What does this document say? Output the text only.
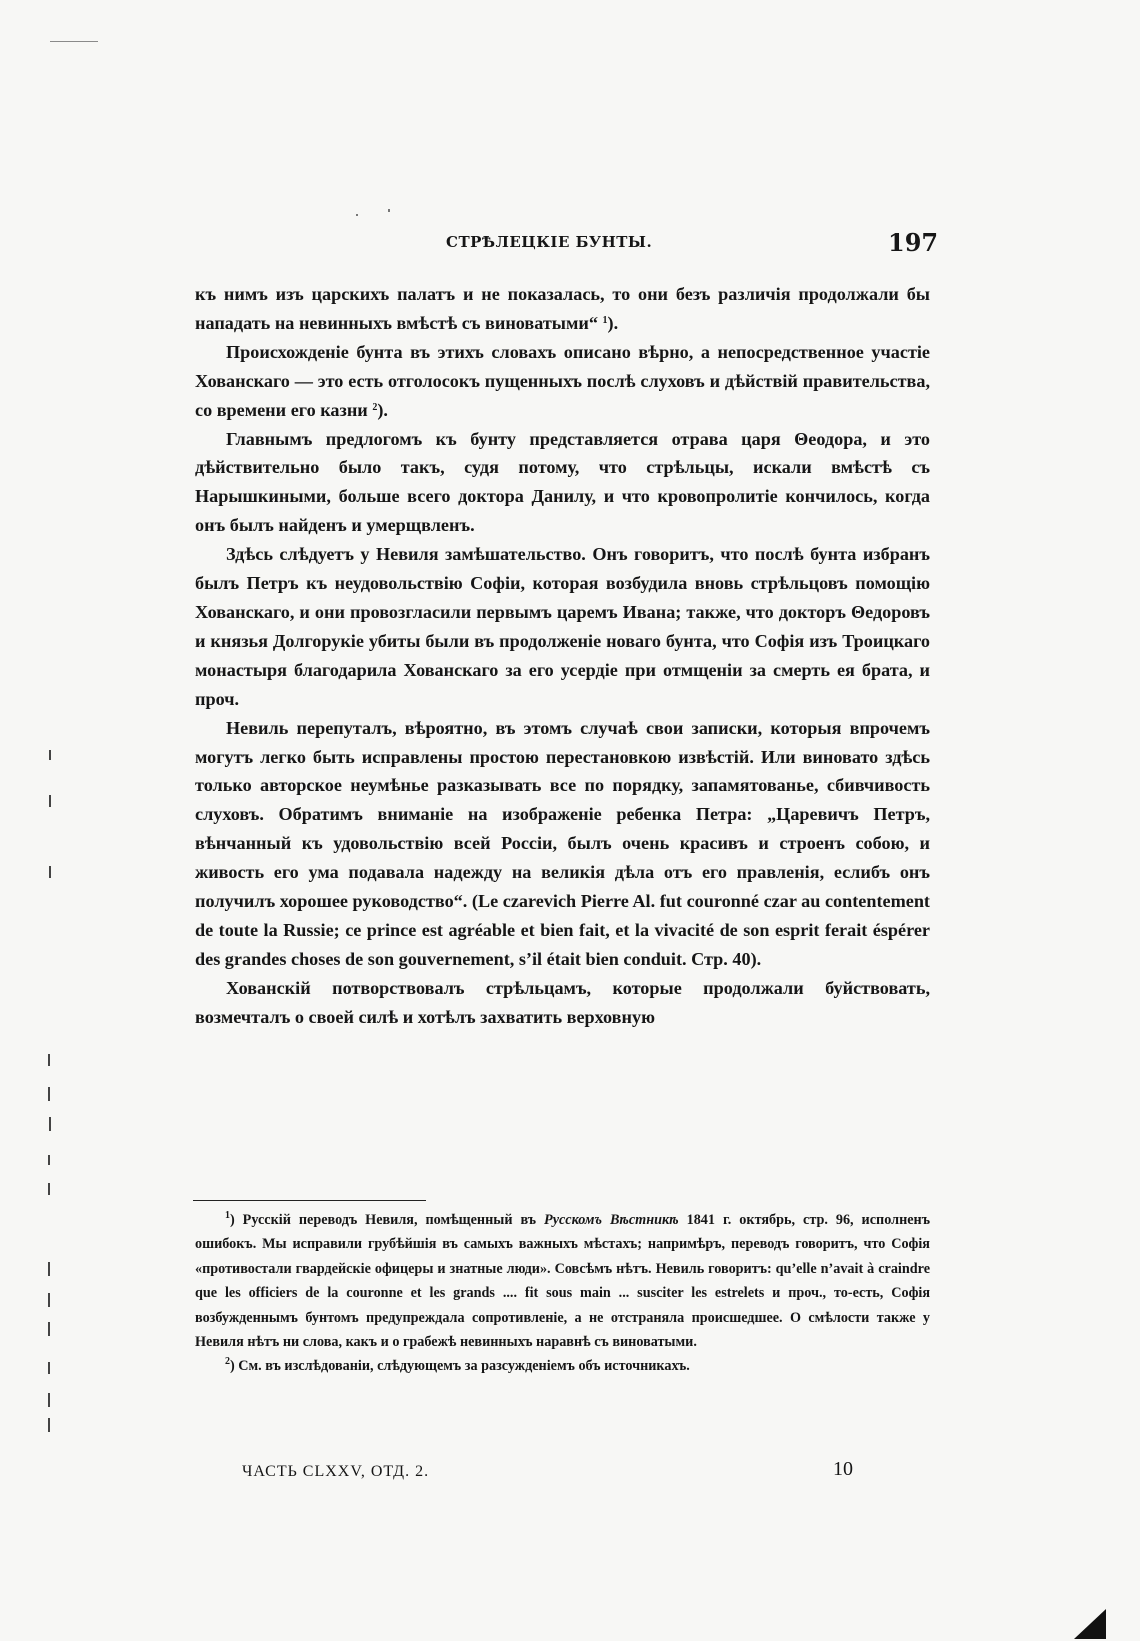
СТРѢЛЕЦКІЕ БУНТЫ.	197

къ нимъ изъ царскихъ палатъ и не показалась, то они безъ различія продолжали бы нападать на невинныхъ вмѣстѣ съ виноватыми“ $^1$).

Происхожденіе бунта въ этихъ словахъ описано вѣрно, а непосредственное участіе Хованскаго — это есть отголосокъ пущенныхъ послѣ слуховъ и дѣйствій правительства, со времени его казни $^2$).

Главнымъ предлогомъ къ бунту представляется отрава царя Θеодора, и это дѣйствительно было такъ, судя потому, что стрѣльцы, искали вмѣстѣ съ Нарышкиными, больше всего доктора Данилу, и что кровопролитіе кончилось, когда онъ былъ найденъ и умерщвленъ.

Здѣсь слѣдуетъ у Невиля замѣшательство. Онъ говоритъ, что послѣ бунта избранъ былъ Петръ къ неудовольствію Софіи, которая возбудила вновь стрѣльцовъ помощію Хованскаго, и они провозгласили первымъ царемъ Ивана; также, что докторъ Θедоровъ и князья Долгорукіе убиты были въ продолженіе новаго бунта, что Софія изъ Троицкаго монастыря благодарила Хованскаго за его усердіе при отмщеніи за смерть ея брата, и проч.

Невиль перепуталъ, вѣроятно, въ этомъ случаѣ свои записки, которыя впрочемъ могутъ легко быть исправлены простою перестановкою извѣстій. Или виновато здѣсь только авторское неумѣнье разказывать все по порядку, запамятованье, сбивчивость слуховъ. Обратимъ вниманіе на изображеніе ребенка Петра: „Царевичъ Петръ, вѣнчанный къ удовольствію всей Россіи, былъ очень красивъ и строенъ собою, и живость его ума подавала надежду на великія дѣла отъ его правленія, еслибъ онъ получилъ хорошее руководство“. (Le czarevich Pierre Al. fut couronné czar au contentement de toute la Russie; ce prince est agréable et bien fait, et la vivacité de son esprit ferait éspérer des grandes choses de son gouvernement, s’il était bien conduit. Стр. 40).

Хованскій потворствовалъ стрѣльцамъ, которые продолжали буйствовать, возмечталъ о своей силѣ и хотѣлъ захватить верховную

$^1$) Русскій переводъ Невиля, помѣщенный въ Русскомъ Вѣстникѣ 1841 г. октябрь, стр. 96, исполненъ ошибокъ. Мы исправили грубѣйшія въ самыхъ важныхъ мѣстахъ; напримѣръ, переводъ говоритъ, что Софія «противостали гвардейскіе офицеры и знатные люди». Совсѣмъ нѣтъ. Невиль говоритъ: qu’elle n’avait à craindre que les officiers de la couronne et les grands .... fit sous main ... susciter les estrelets и проч., то-есть, Софія возбужденнымъ бунтомъ предупреждала сопротивленіе, а не отстраняла происшедшее. О смѣлости также у Невиля нѣтъ ни слова, какъ и о грабежѣ невинныхъ наравнѣ съ виноватыми.

$^2$) См. въ изслѣдованіи, слѣдующемъ за разсужденіемъ объ источникахъ.

ЧАСТЬ CLXXV, ОТД. 2.	10
